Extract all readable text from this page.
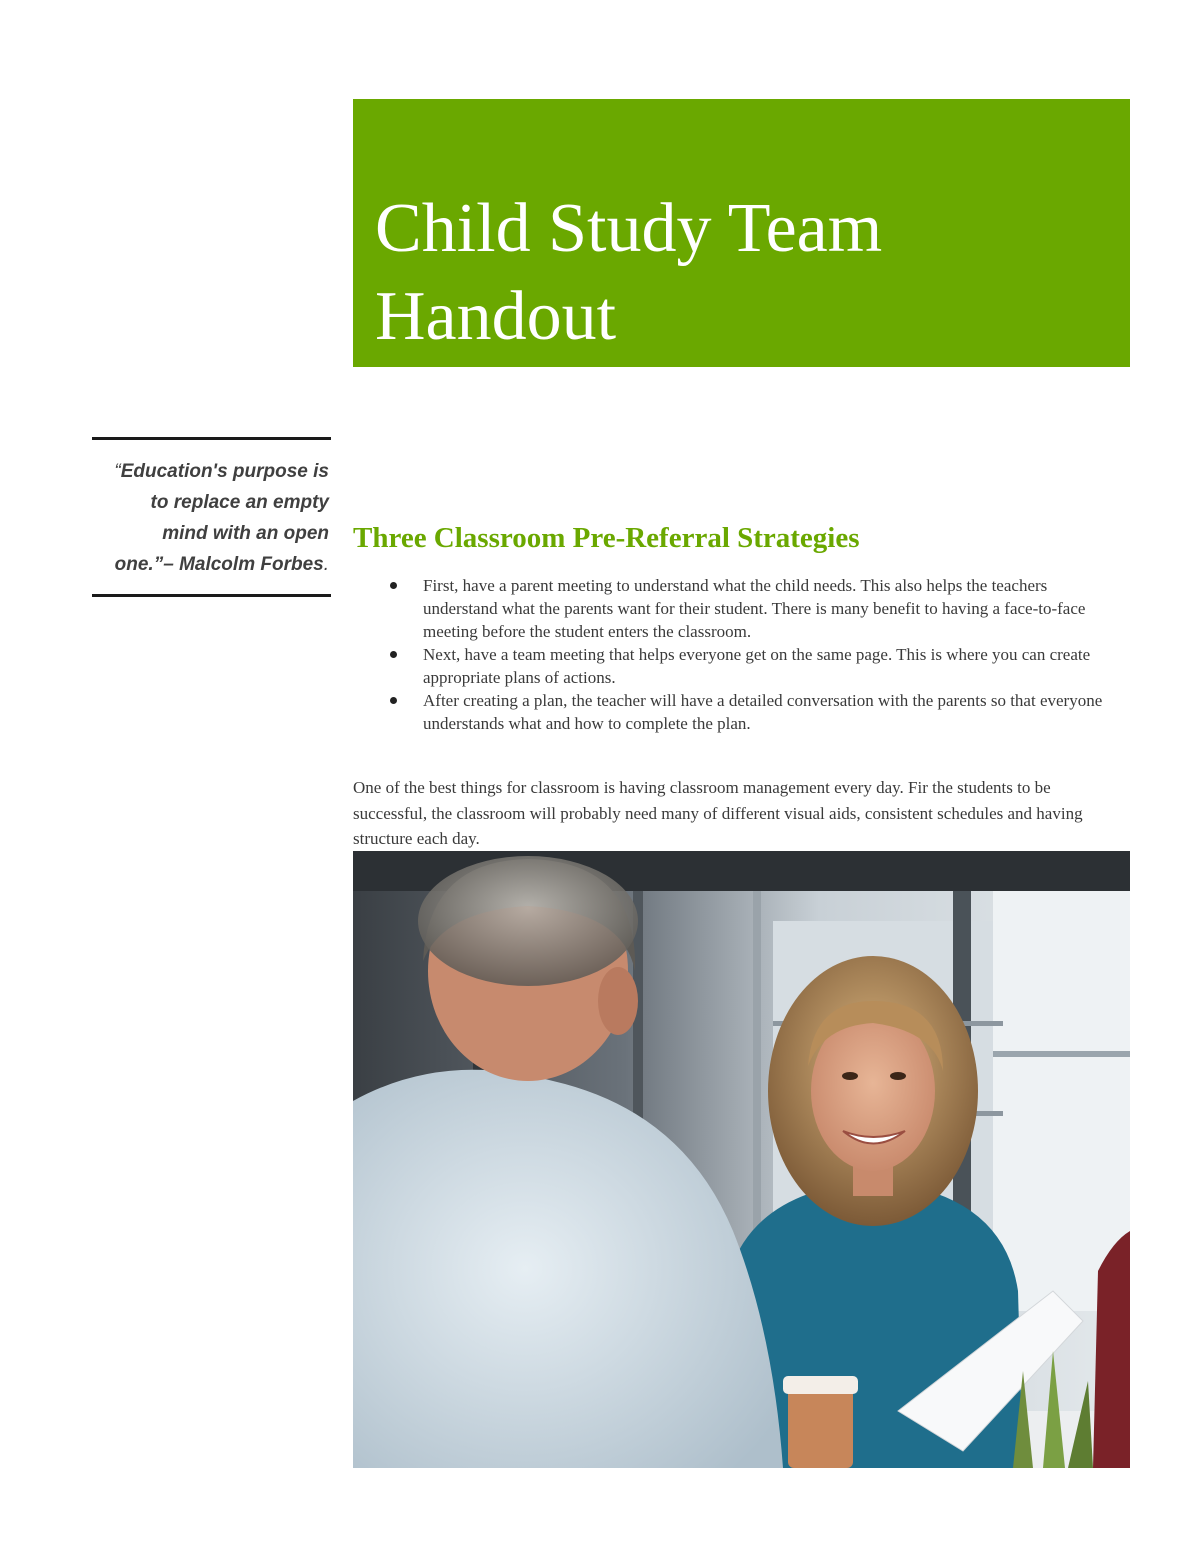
Child Study Team
Handout
“Education's purpose is
to replace an empty
mind with an open
one.”– Malcolm Forbes.
Three Classroom Pre-Referral Strategies
First, have a parent meeting to understand what the child needs. This also helps the teachers understand what the parents want for their student. There is many benefit to having a face-to-face meeting before the student enters the classroom.
Next, have a team meeting that helps everyone get on the same page. This is where you can create appropriate plans of actions.
After creating a plan, the teacher will have a detailed conversation with the parents so that everyone understands what and how to complete the plan.

One of the best things for classroom is having classroom management every day. Fir the students to be successful, the classroom will probably need many of different visual aids, consistent schedules and having structure each day.
